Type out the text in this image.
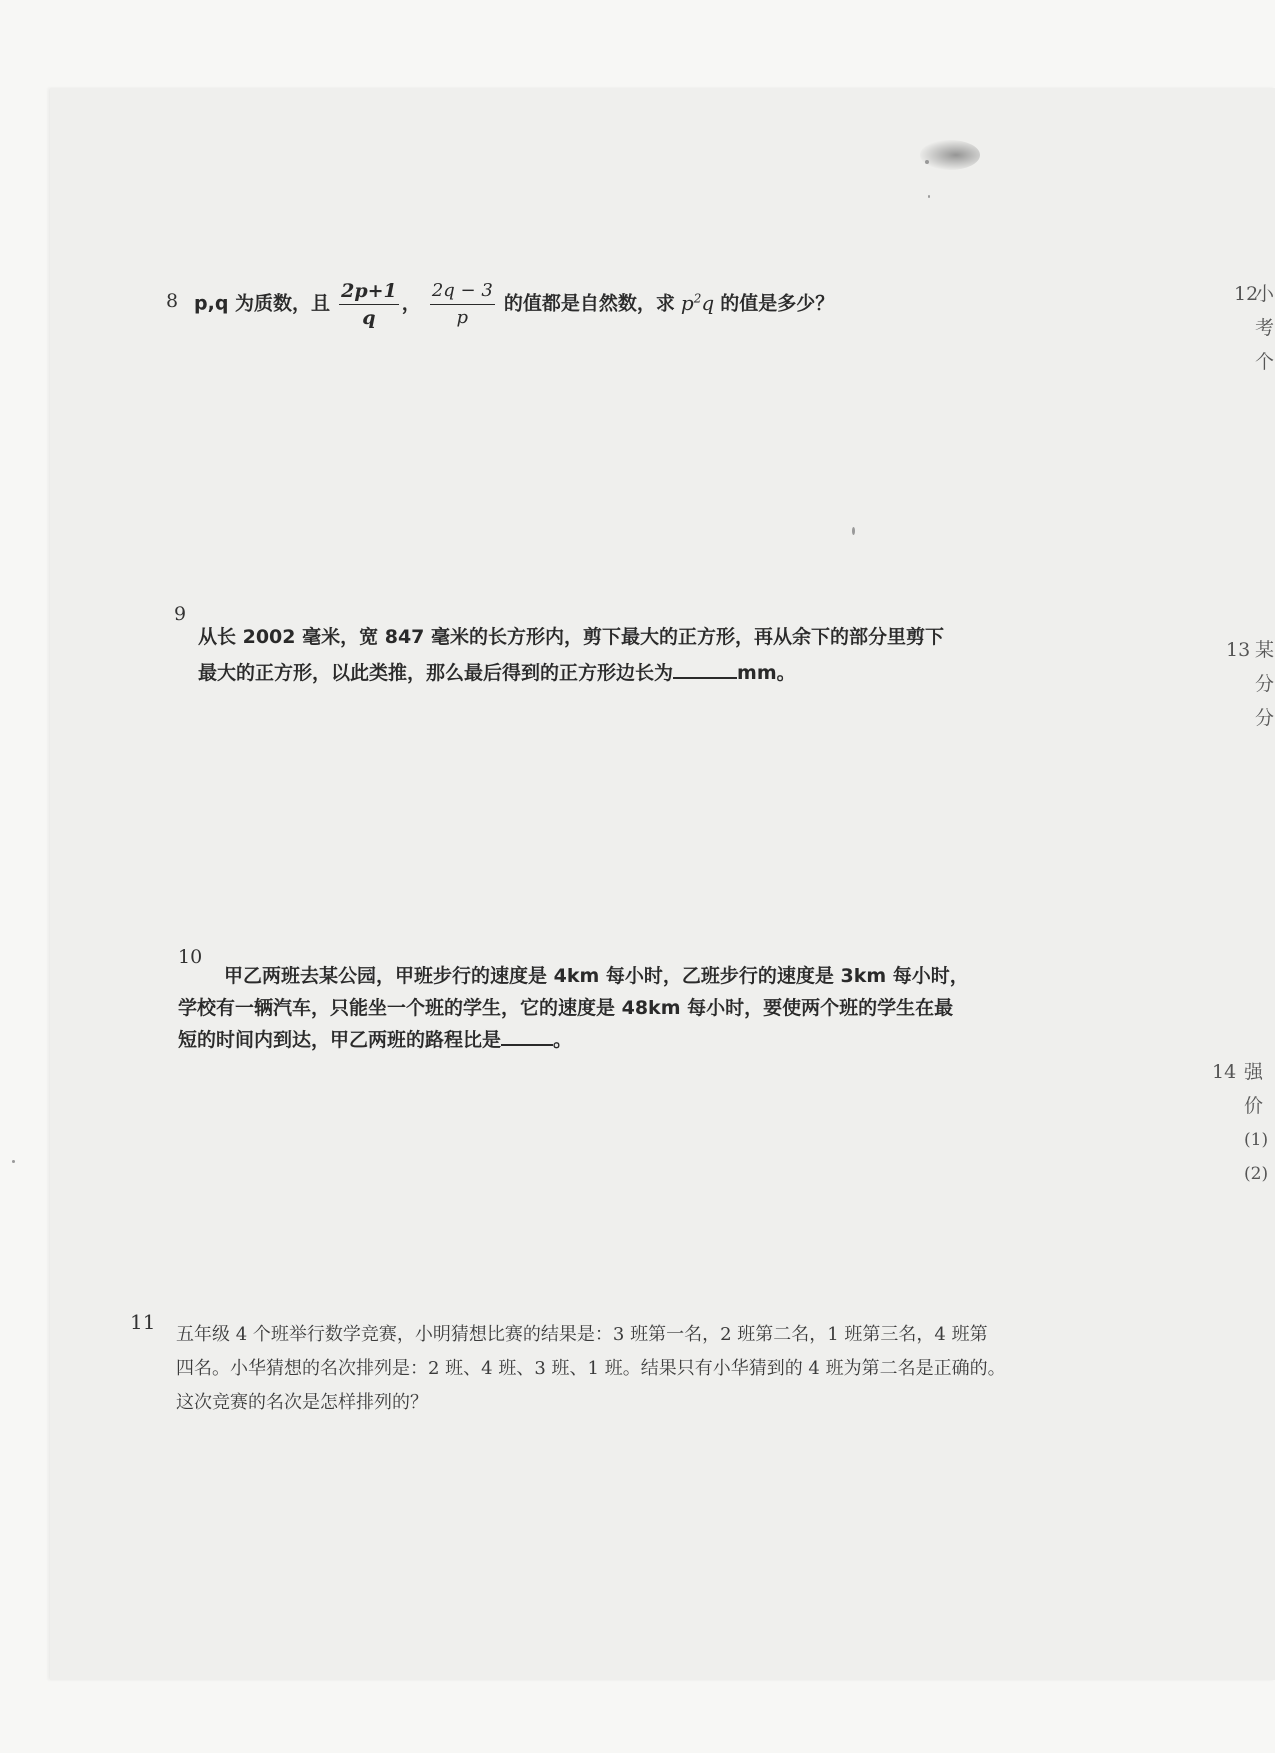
8 p,q 为质数，且 $\frac{2p+1}{q}$ ， $\frac{2q - 3}{p}$ 的值都是自然数，求 $p^2q$ 的值是多少？
9
从长 2002 毫米，宽 847 毫米的长方形内，剪下最大的正方形，再从余下的部分里剪下
最大的正方形，以此类推，那么最后得到的正方形边长为	mm。
10
甲乙两班去某公园，甲班步行的速度是 4km 每小时，乙班步行的速度是 3km 每小时，
学校有一辆汽车，只能坐一个班的学生，它的速度是 48km 每小时，要使两个班的学生在最
短的时间内到达，甲乙两班的路程比是	。
11
五年级 4 个班举行数学竞赛，小明猜想比赛的结果是：3 班第一名，2 班第二名，1 班第三名，4 班第
四名。小华猜想的名次排列是：2 班、4 班、3 班、1 班。结果只有小华猜到的 4 班为第二名是正确的。
这次竞赛的名次是怎样排列的？
12
小
考
个
某
分
分
13
14 强
价
(1)
(2)
